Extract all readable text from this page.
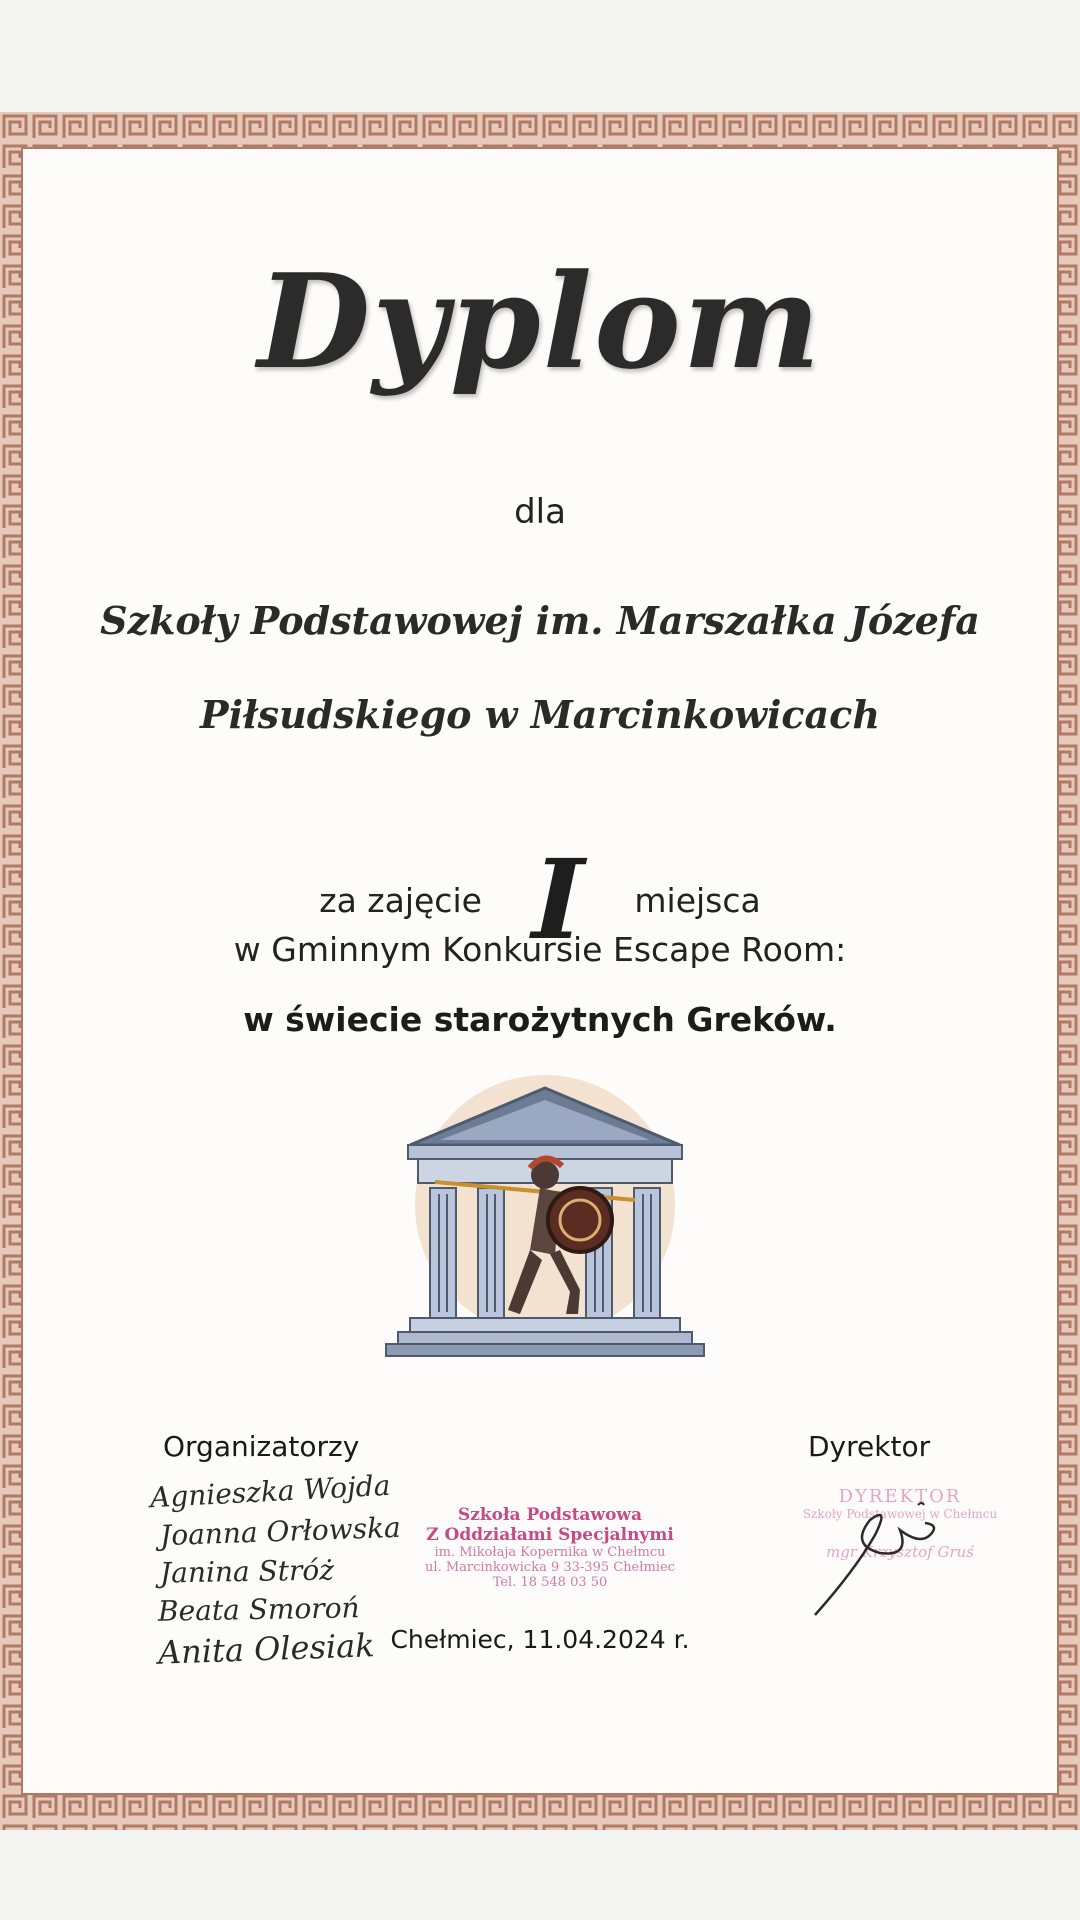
Dyplom
dla
Szkoły Podstawowej im. Marszałka Józefa
Piłsudskiego w Marcinkowicach
za zajęcie I miejsca
w Gminnym Konkursie Escape Room:
w świecie starożytnych Greków.
Organizatorzy
Agnieszka Wojda
Joanna Orłowska
Janina Stróż
Beata Smoroń
Anita Olesiak
Szkoła Podstawowa
Z Oddziałami Specjalnymi
im. Mikołaja Kopernika w Chełmcu
ul. Marcinkowicka 9 33-395 Chełmiec
Tel. 18 548 03 50
Dyrektor
DYREKTOR
Szkoły Podstawowej w Chełmcu
mgr Krzysztof Gruś
Chełmiec, 11.04.2024 r.
